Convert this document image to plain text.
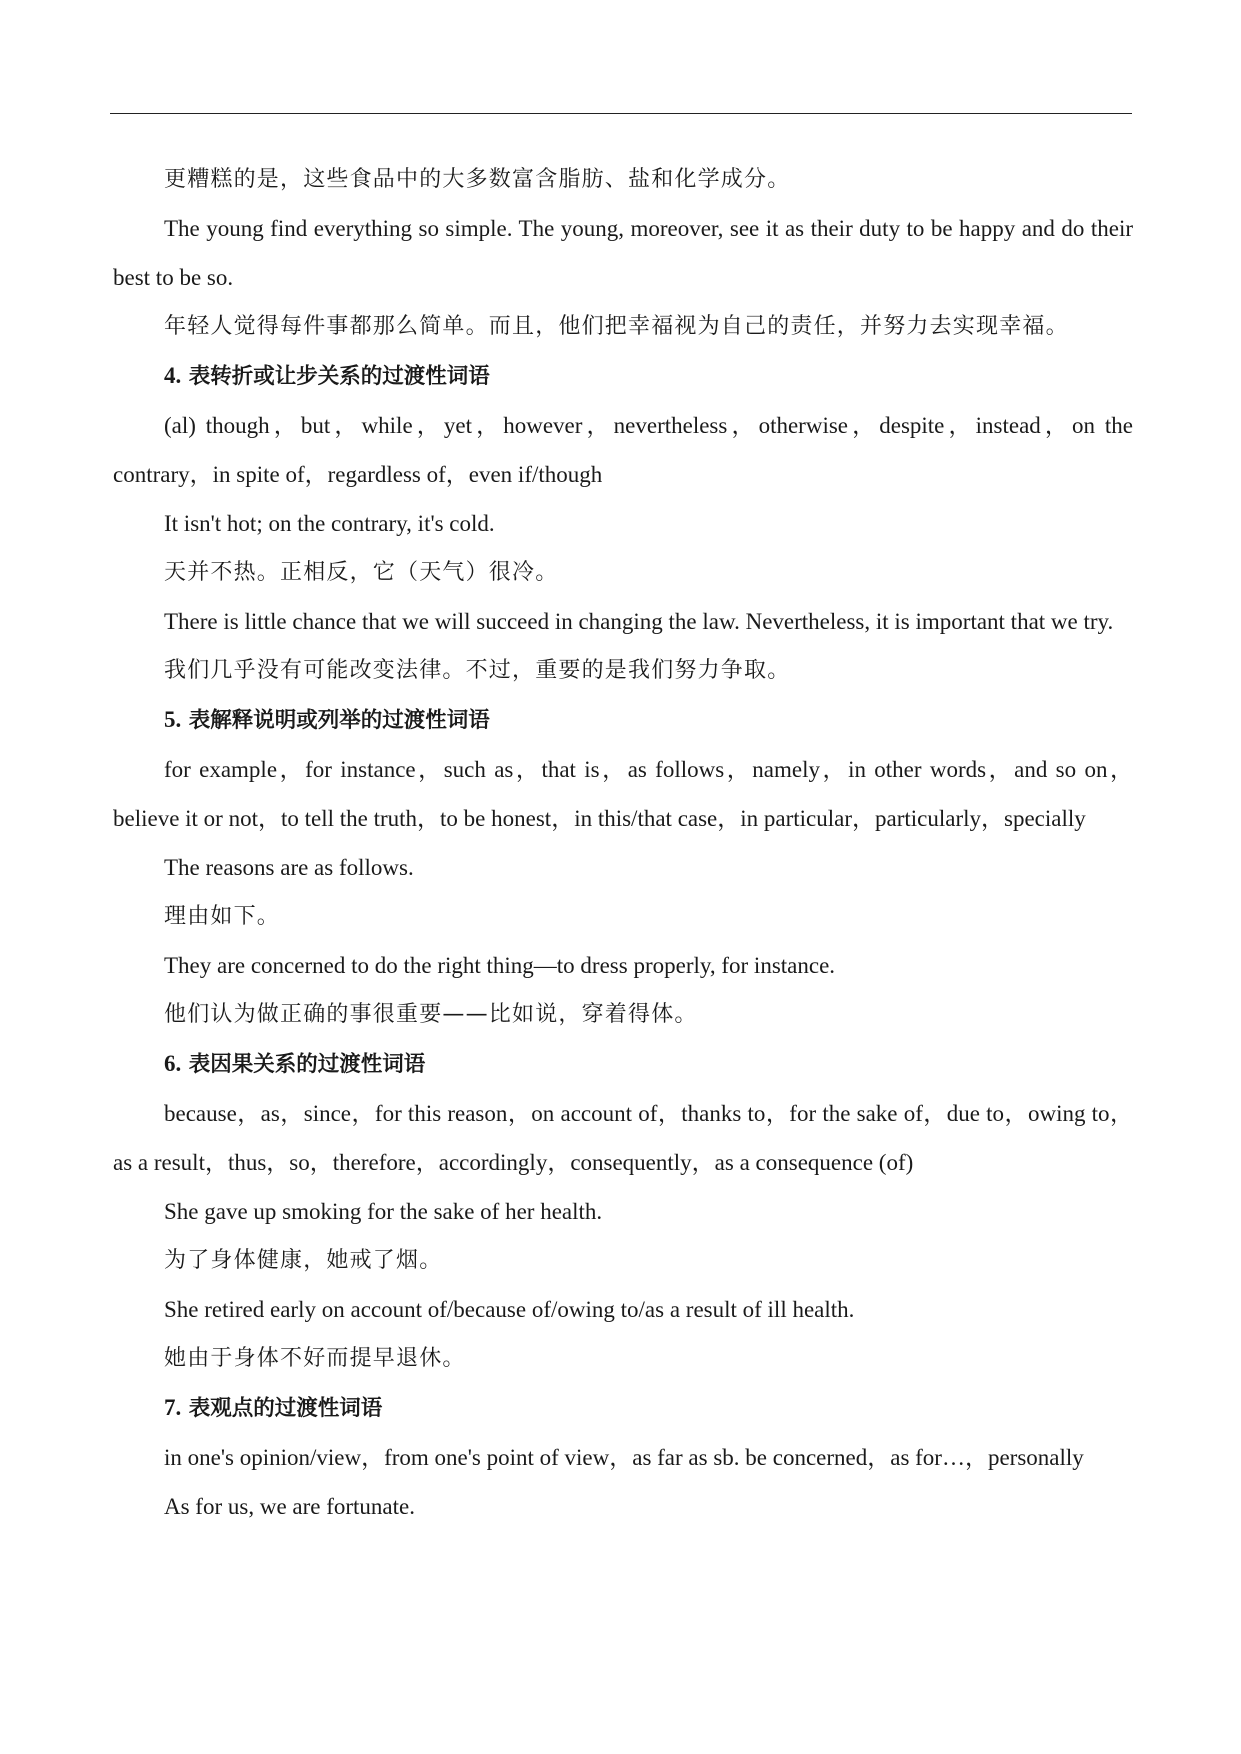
更糟糕的是，这些食品中的大多数富含脂肪、盐和化学成分。

The young find everything so simple. The young, moreover, see it as their duty to be happy and do their best to be so.

年轻人觉得每件事都那么简单。而且，他们把幸福视为自己的责任，并努力去实现幸福。

4. 表转折或让步关系的过渡性词语

(al) though，but，while，yet，however，nevertheless，otherwise，despite，instead，on the contrary，in spite of，regardless of，even if/though

It isn't hot; on the contrary, it's cold.

天并不热。正相反，它（天气）很冷。

There is little chance that we will succeed in changing the law. Nevertheless, it is important that we try.

我们几乎没有可能改变法律。不过，重要的是我们努力争取。

5. 表解释说明或列举的过渡性词语

for example，for instance，such as，that is，as follows，namely，in other words，and so on，believe it or not，to tell the truth，to be honest，in this/that case，in particular，particularly，specially

The reasons are as follows.

理由如下。

They are concerned to do the right thing—to dress properly, for instance.

他们认为做正确的事很重要——比如说，穿着得体。

6. 表因果关系的过渡性词语

because，as，since，for this reason，on account of，thanks to，for the sake of，due to，owing to，as a result，thus，so，therefore，accordingly，consequently，as a consequence (of)

She gave up smoking for the sake of her health.

为了身体健康，她戒了烟。

She retired early on account of/because of/owing to/as a result of ill health.

她由于身体不好而提早退休。

7. 表观点的过渡性词语

in one's opinion/view，from one's point of view，as far as sb. be concerned，as for…，personally

As for us, we are fortunate.
